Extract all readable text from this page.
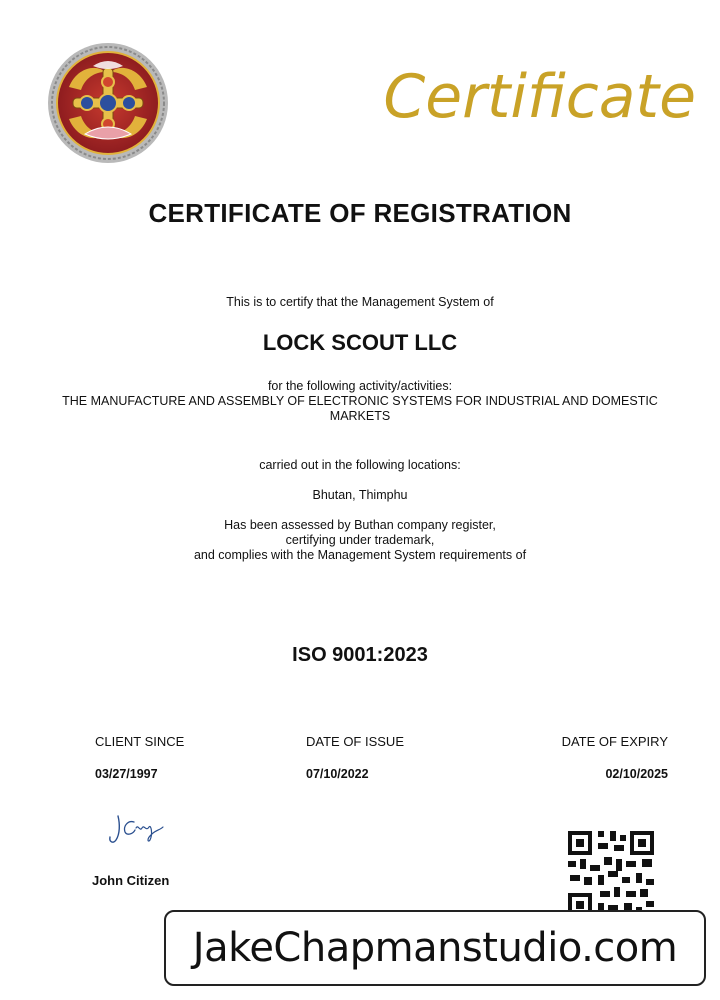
Certificate
CERTIFICATE OF REGISTRATION
This is to certify that the Management System of
LOCK SCOUT LLC
for the following activity/activities:

THE MANUFACTURE AND ASSEMBLY OF ELECTRONIC SYSTEMS FOR INDUSTRIAL AND DOMESTIC MARKETS
carried out in the following locations:
Bhutan, Thimphu
Has been assessed by Buthan company register,
certifying under trademark,
and complies with the Management System requirements of
ISO 9001:2023
CLIENT SINCE
03/27/1997
DATE OF ISSUE
07/10/2022
DATE OF EXPIRY
02/10/2025
John Citizen
JakeChapmanstudio.com
